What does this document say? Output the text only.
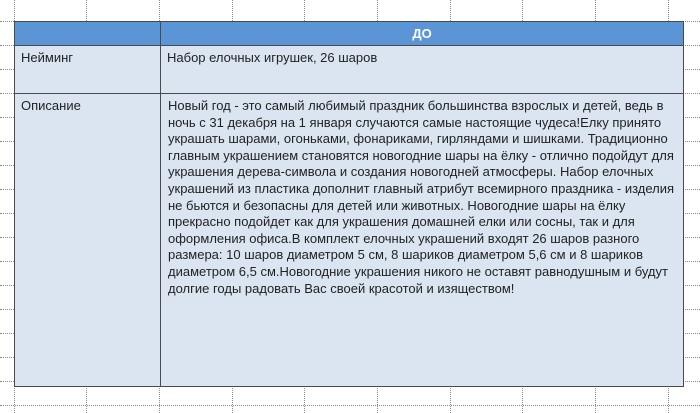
ДО
Нейминг	Набор елочных игрушек, 26 шаров
Описание	Новый год - это самый любимый праздник большинства взрослых и детей, ведь в ночь с 31 декабря на 1 января случаются самые настоящие чудеса!Елку принято украшать шарами, огоньками, фонариками, гирляндами и шишками. Традиционно главным украшением становятся новогодние шары на ёлку - отлично подойдут для украшения дерева-символа и создания новогодней атмосферы. Набор елочных украшений из пластика дополнит главный атрибут всемирного праздника - изделия не бьются и безопасны для детей или животных. Новогодние шары на ёлку прекрасно подойдет как для украшения домашней елки или сосны, так и для оформления офиса.В комплект елочных украшений входят 26 шаров разного размера: 10 шаров диаметром 5 см, 8 шариков диаметром 5,6 см и 8 шариков диаметром 6,5 см.Новогодние украшения никого не оставят равнодушным и будут долгие годы радовать Вас своей красотой и изяществом!
